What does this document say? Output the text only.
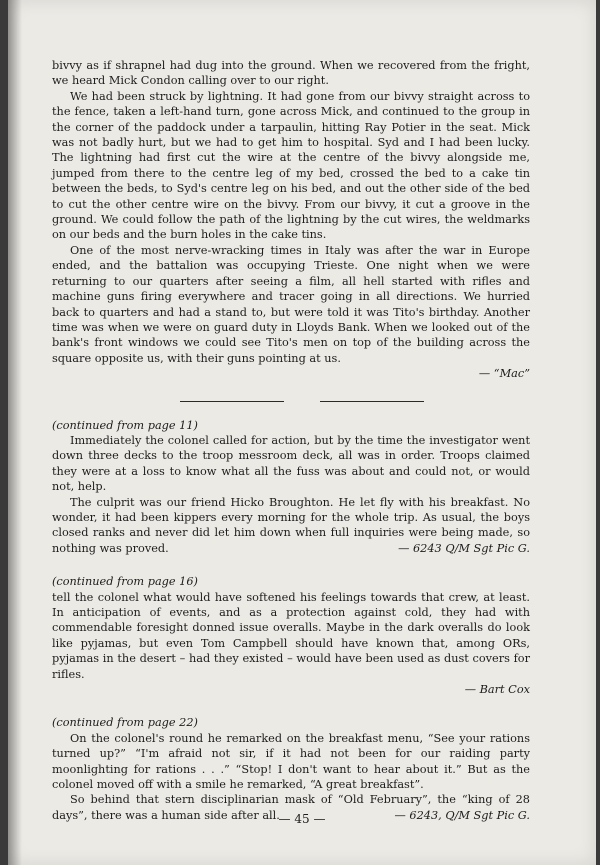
bivvy as if shrapnel had dug into the ground. When we recovered from the fright, we heard Mick Condon calling over to our right.

We had been struck by lightning. It had gone from our bivvy straight across to the fence, taken a left-hand turn, gone across Mick, and continued to the group in the corner of the paddock under a tarpaulin, hitting Ray Potier in the seat. Mick was not badly hurt, but we had to get him to hospital. Syd and I had been lucky. The lightning had first cut the wire at the centre of the bivvy alongside me, jumped from there to the centre leg of my bed, crossed the bed to a cake tin between the beds, to Syd's centre leg on his bed, and out the other side of the bed to cut the other centre wire on the bivvy. From our bivvy, it cut a groove in the ground. We could follow the path of the lightning by the cut wires, the weldmarks on our beds and the burn holes in the cake tins.

One of the most nerve-wracking times in Italy was after the war in Europe ended, and the battalion was occupying Trieste. One night when we were returning to our quarters after seeing a film, all hell started with rifles and machine guns firing everywhere and tracer going in all directions. We hurried back to quarters and had a stand to, but were told it was Tito's birthday. Another time was when we were on guard duty in Lloyds Bank. When we looked out of the bank's front windows we could see Tito's men on top of the building across the square opposite us, with their guns pointing at us.

— “Mac”

(continued from page 11)

Immediately the colonel called for action, but by the time the investigator went down three decks to the troop messroom deck, all was in order. Troops claimed they were at a loss to know what all the fuss was about and could not, or would not, help.

The culprit was our friend Hicko Broughton. He let fly with his breakfast. No wonder, it had been kippers every morning for the whole trip. As usual, the boys closed ranks and never did let him down when full inquiries were being made, so nothing was proved.	— 6243 Q/M Sgt Pic G.

(continued from page 16)

tell the colonel what would have softened his feelings towards that crew, at least. In anticipation of events, and as a protection against cold, they had with commendable foresight donned issue overalls. Maybe in the dark overalls do look like pyjamas, but even Tom Campbell should have known that, among ORs, pyjamas in the desert – had they existed – would have been used as dust covers for rifles.

— Bart Cox

(continued from page 22)

On the colonel's round he remarked on the breakfast menu, “See your rations turned up?” “I'm afraid not sir, if it had not been for our raiding party moonlighting for rations . . .” “Stop! I don't want to hear about it.” But as the colonel moved off with a smile he remarked, “A great breakfast”.

So behind that stern disciplinarian mask of “Old February”, the “king of 28 days”, there was a human side after all.	— 6243, Q/M Sgt Pic G.

— 45 —
